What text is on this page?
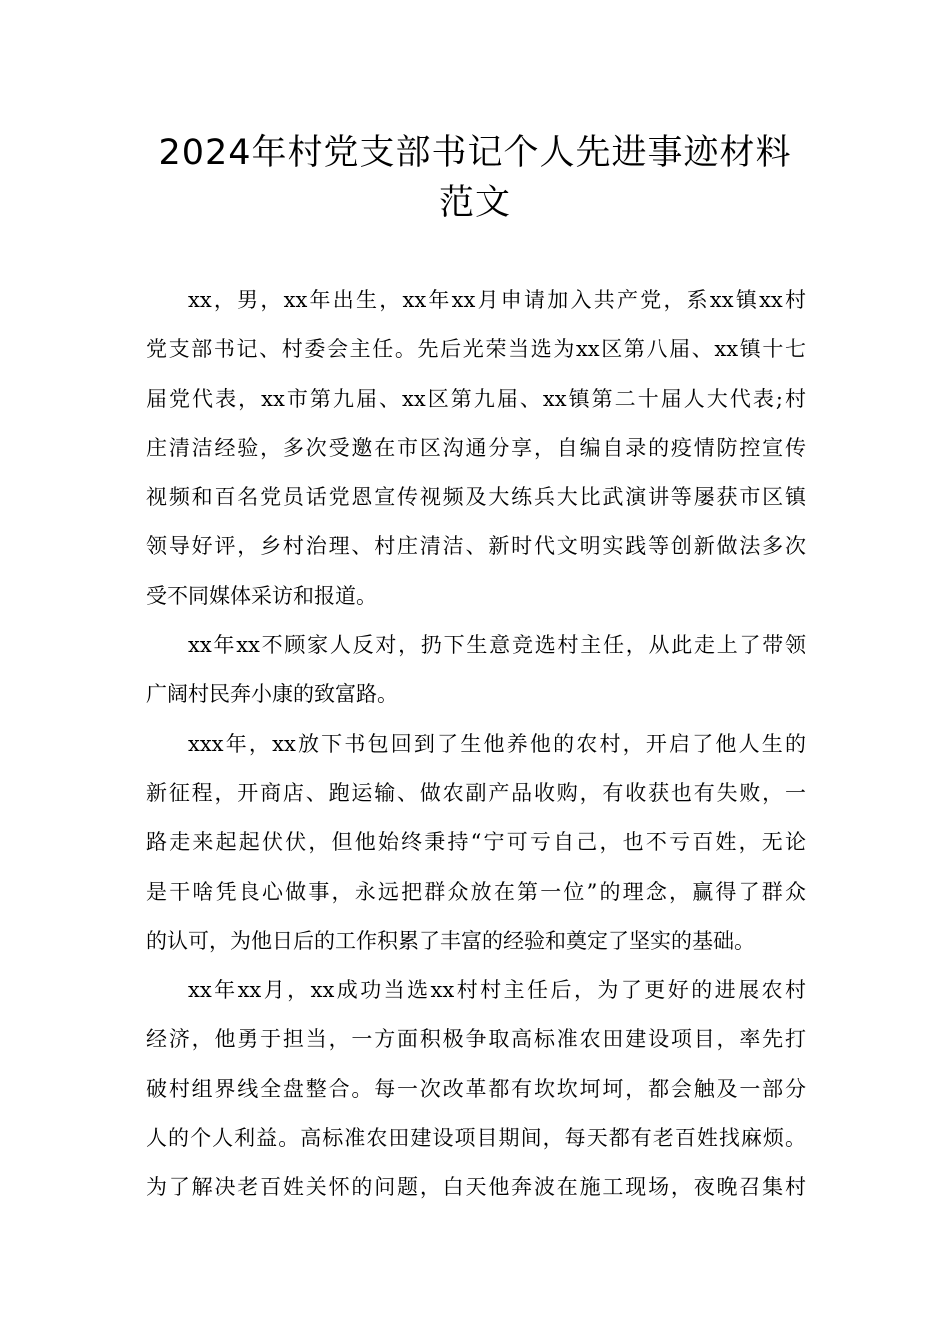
2024年村党支部书记个人先进事迹材料
范文
xx，男，xx年出生，xx年xx月申请加入共产党，系xx镇xx村
党支部书记、村委会主任。先后光荣当选为xx区第八届、xx镇十七
届党代表，xx市第九届、xx区第九届、xx镇第二十届人大代表;村
庄清洁经验，多次受邀在市区沟通分享，自编自录的疫情防控宣传
视频和百名党员话党恩宣传视频及大练兵大比武演讲等屡获市区镇
领导好评，乡村治理、村庄清洁、新时代文明实践等创新做法多次
受不同媒体采访和报道。
xx年xx不顾家人反对，扔下生意竞选村主任，从此走上了带领
广阔村民奔小康的致富路。
xxx年，xx放下书包回到了生他养他的农村，开启了他人生的
新征程，开商店、跑运输、做农副产品收购，有收获也有失败，一
路走来起起伏伏，但他始终秉持“宁可亏自己，也不亏百姓，无论
是干啥凭良心做事，永远把群众放在第一位”的理念，赢得了群众
的认可，为他日后的工作积累了丰富的经验和奠定了坚实的基础。
xx年xx月，xx成功当选xx村村主任后，为了更好的进展农村
经济，他勇于担当，一方面积极争取高标准农田建设项目，率先打
破村组界线全盘整合。每一次改革都有坎坎坷坷，都会触及一部分
人的个人利益。高标准农田建设项目期间，每天都有老百姓找麻烦。
为了解决老百姓关怀的问题，白天他奔波在施工现场，夜晚召集村
